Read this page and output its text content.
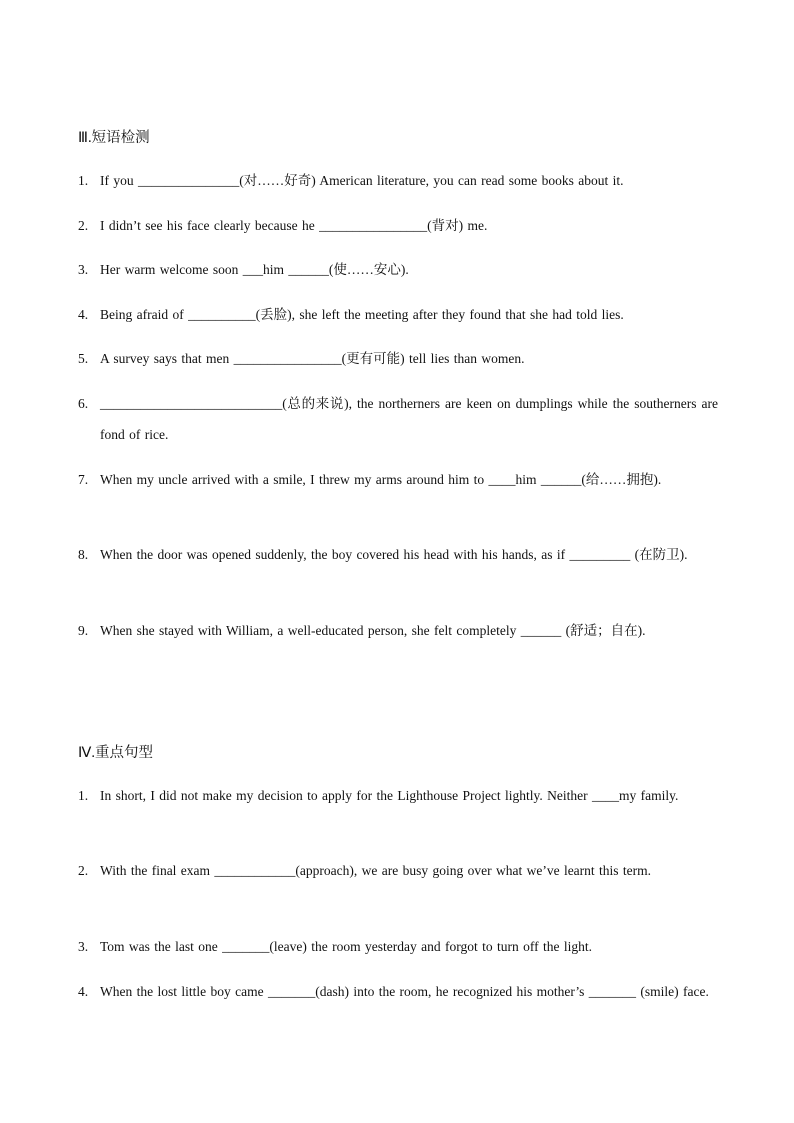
Ⅲ.短语检测
1. If you _______________(对……好奇) American literature, you can read some books about it.
2. I didn’t see his face clearly because he ________________(背对) me.
3. Her warm welcome soon ___him ______(使……安心).
4. Being afraid of __________(丢脸), she left the meeting after they found that she had told lies.
5. A survey says that men ________________(更有可能) tell lies than women.
6. ___________________________(总的来说), the northerners are keen on dumplings while the southerners are fond of rice.
7. When my uncle arrived with a smile, I threw my arms around him to ____him ______(给……拥抱).
8. When the door was opened suddenly, the boy covered his head with his hands, as if _________ (在防卫).
9. When she stayed with William, a well-educated person, she felt completely ______ (舒适；自在).
Ⅳ.重点句型
1. In short, I did not make my decision to apply for the Lighthouse Project lightly. Neither ____my family.
2. With the final exam ____________(approach), we are busy going over what we’ve learnt this term.
3. Tom was the last one _______(leave) the room yesterday and forgot to turn off the light.
4. When the lost little boy came _______(dash) into the room, he recognized his mother’s _______ (smile) face.
